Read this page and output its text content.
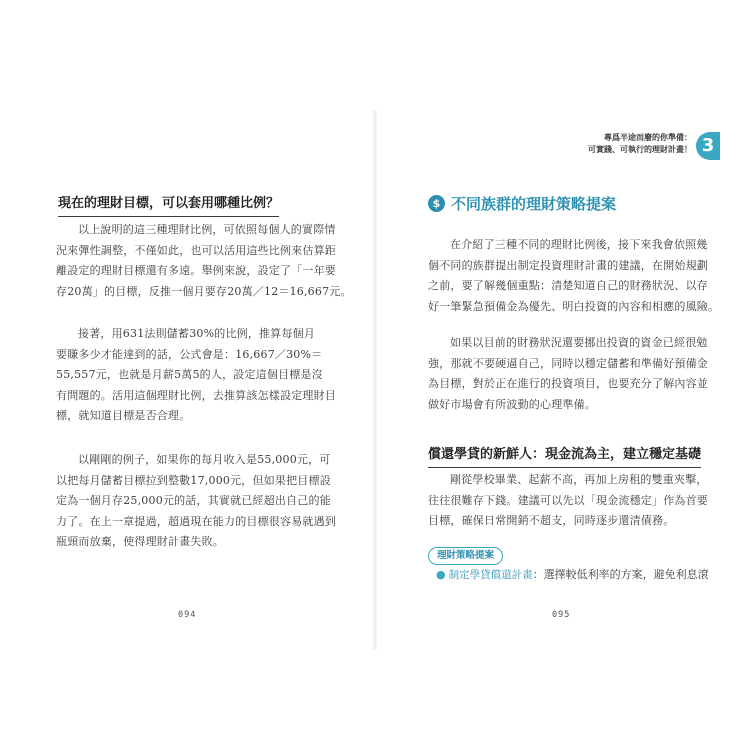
現在的理財目標，可以套用哪種比例？
以上說明的這三種理財比例，可依照每個人的實際情
況來彈性調整，不僅如此，也可以活用這些比例來估算距
離設定的理財目標還有多遠。舉例來說，設定了「一年要
存20萬」的目標，反推一個月要存20萬／12＝16,667元。
接著，用631法則儲蓄30%的比例，推算每個月
要賺多少才能達到的話，公式會是：16,667／30%＝
55,557元，也就是月薪5萬5的人，設定這個目標是沒
有問題的。活用這個理財比例，去推算該怎樣設定理財目
標，就知道目標是否合理。
以剛剛的例子，如果你的每月收入是55,000元，可
以把每月儲蓄目標拉到整數17,000元，但如果把目標設
定為一個月存25,000元的話，其實就已經超出自己的能
力了。在上一章提過，超過現在能力的目標很容易就遇到
瓶頸而放棄，使得理財計畫失敗。
094
專爲半途而廢的你準備：
可實踐、可執行的理財計畫！ 3
$ 不同族群的理財策略提案
在介紹了三種不同的理財比例後，接下來我會依照幾
個不同的族群提出制定投資理財計畫的建議，在開始規劃
之前，要了解幾個重點：清楚知道自己的財務狀況、以存
好一筆緊急預備金為優先、明白投資的內容和相應的風險。
如果以目前的財務狀況還要挪出投資的資金已經很勉
強，那就不要硬逼自己，同時以穩定儲蓄和準備好預備金
為目標，對於正在進行的投資項目，也要充分了解內容並
做好市場會有所波動的心理準備。
償還學貸的新鮮人：現金流為主，建立穩定基礎
剛從學校畢業、起薪不高，再加上房租的雙重夾擊，
往往很難存下錢。建議可以先以「現金流穩定」作為首要
目標，確保日常開銷不超支，同時逐步還清債務。
理財策略提案
● 制定學貸償還計畫：選擇較低利率的方案，避免利息滾
095
